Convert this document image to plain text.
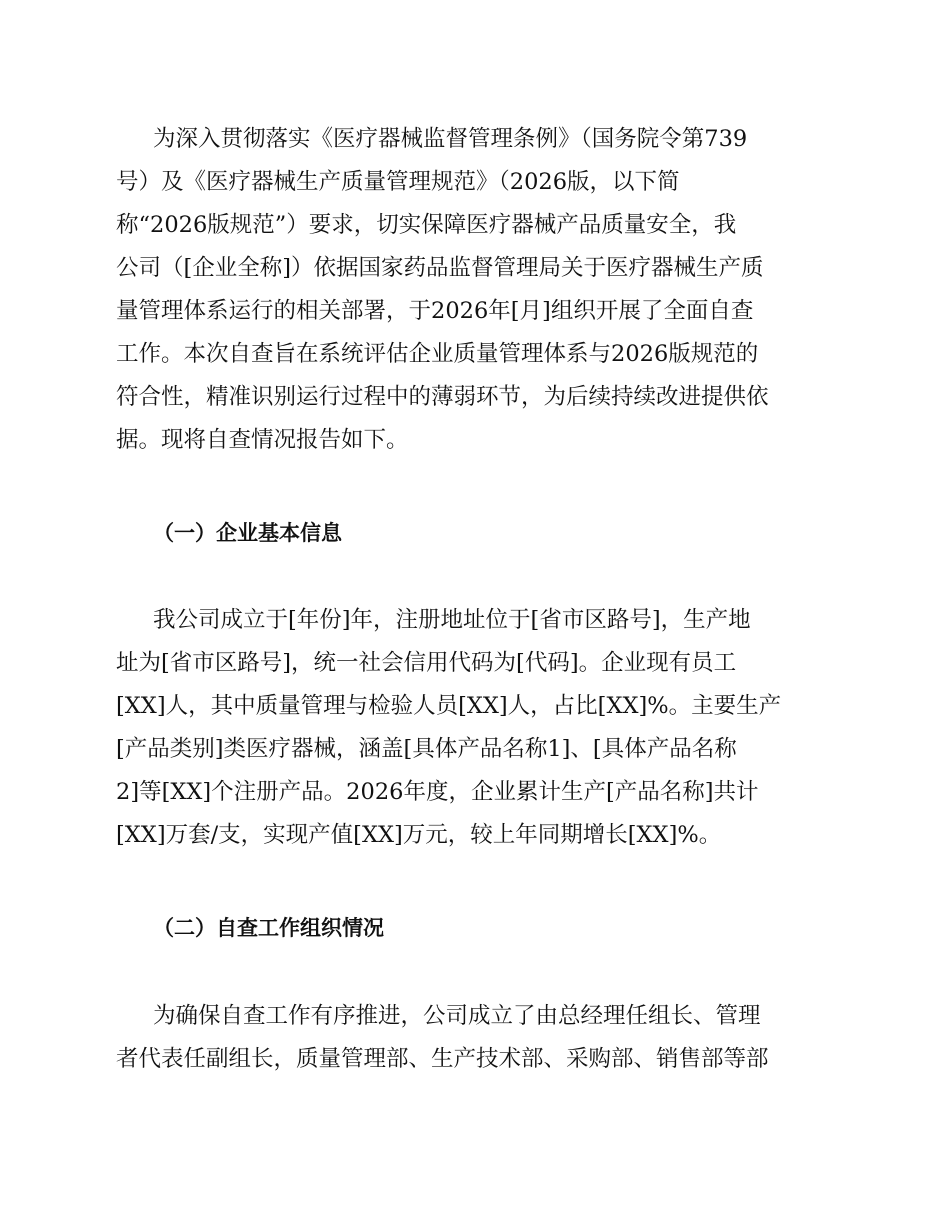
为深入贯彻落实《医疗器械监督管理条例》（国务院令第739

号）及《医疗器械生产质量管理规范》（2026版，以下简

称“2026版规范”）要求，切实保障医疗器械产品质量安全，我

公司（[企业全称]）依据国家药品监督管理局关于医疗器械生产质

量管理体系运行的相关部署，于2026年[月]组织开展了全面自查

工作。本次自查旨在系统评估企业质量管理体系与2026版规范的

符合性，精准识别运行过程中的薄弱环节，为后续持续改进提供依

据。现将自查情况报告如下。

（一）企业基本信息

我公司成立于[年份]年，注册地址位于[省市区路号]，生产地

址为[省市区路号]，统一社会信用代码为[代码]。企业现有员工

[XX]人，其中质量管理与检验人员[XX]人，占比[XX]%。主要生产

[产品类别]类医疗器械，涵盖[具体产品名称1]、[具体产品名称

2]等[XX]个注册产品。2026年度，企业累计生产[产品名称]共计

[XX]万套/支，实现产值[XX]万元，较上年同期增长[XX]%。

（二）自查工作组织情况

为确保自查工作有序推进，公司成立了由总经理任组长、管理

者代表任副组长，质量管理部、生产技术部、采购部、销售部等部
